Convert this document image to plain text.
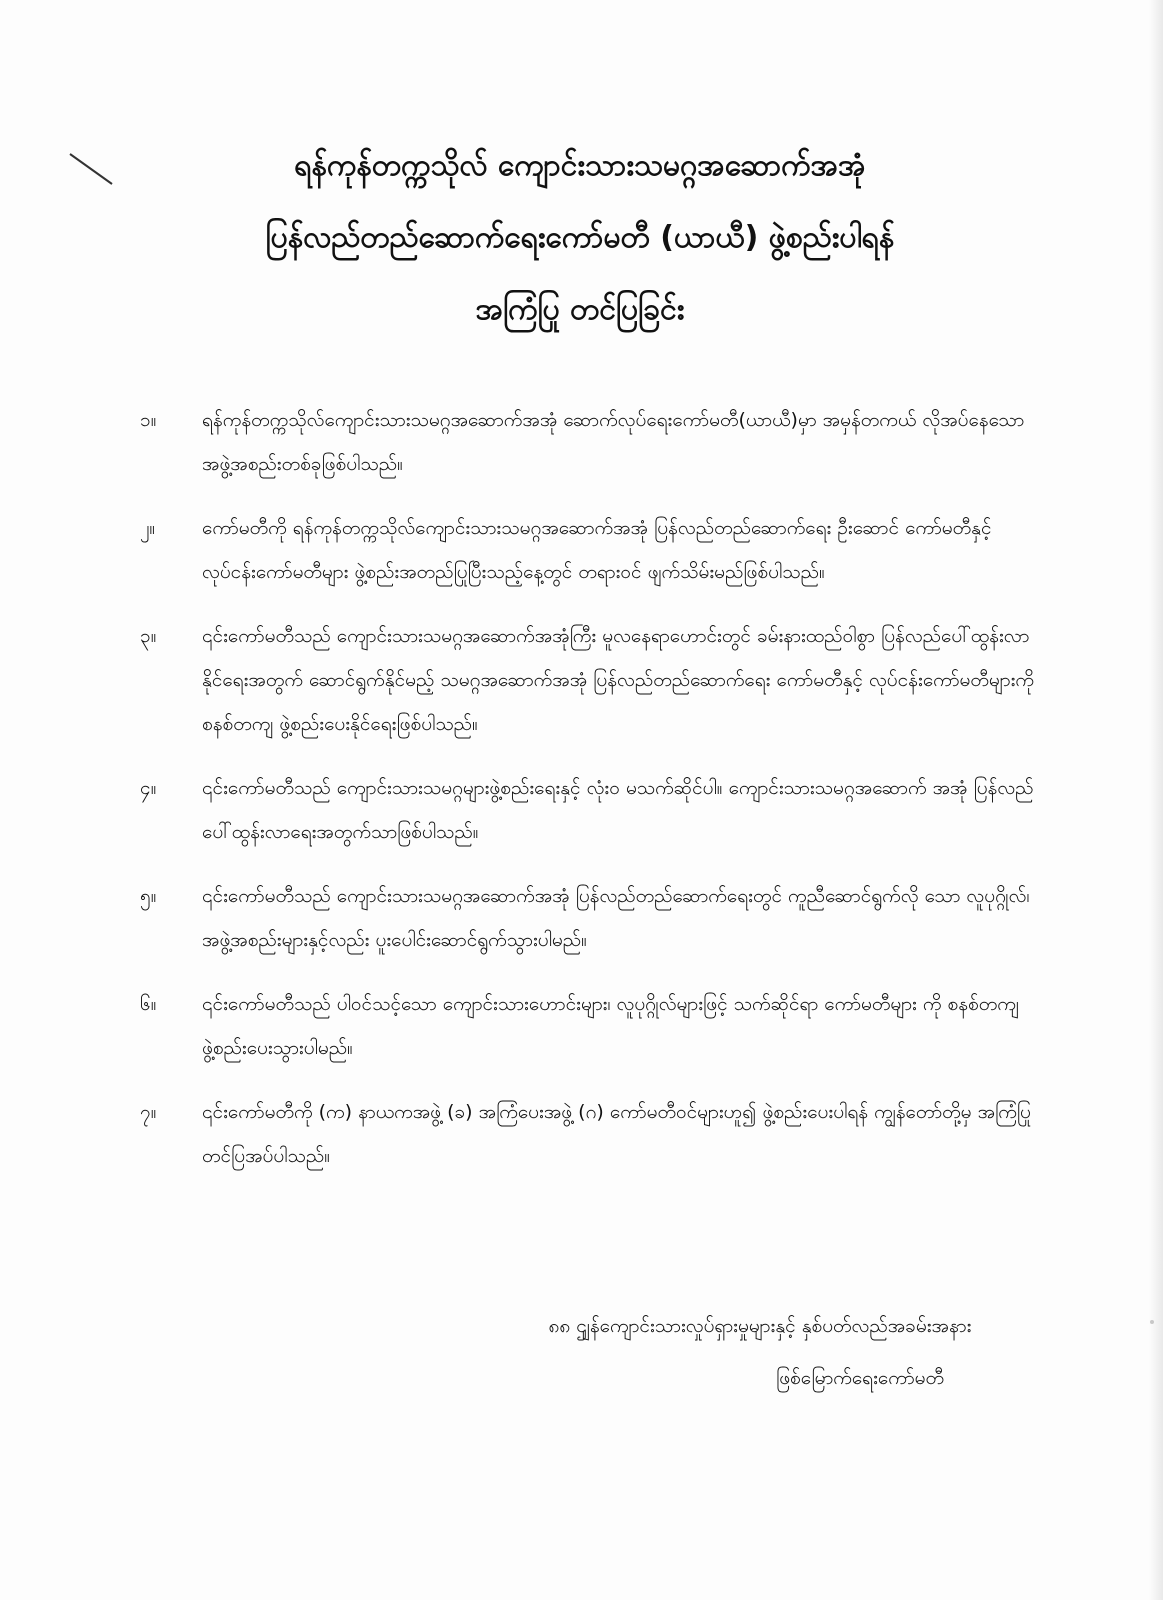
ရန်ကုန်တက္ကသိုလ် ကျောင်းသားသမဂ္ဂအဆောက်အအုံ
ပြန်လည်တည်ဆောက်ရေးကော်မတီ (ယာယီ) ဖွဲ့စည်းပါရန်
အကြံပြု တင်ပြခြင်း
၁။	ရန်ကုန်တက္ကသိုလ်ကျောင်းသားသမဂ္ဂအဆောက်အအုံ ဆောက်လုပ်ရေးကော်မတီ(ယာယီ)မှာ အမှန်တကယ် လိုအပ်နေသော အဖွဲ့အစည်းတစ်ခုဖြစ်ပါသည်။
၂။	ကော်မတီကို ရန်ကုန်တက္ကသိုလ်ကျောင်းသားသမဂ္ဂအဆောက်အအုံ ပြန်လည်တည်ဆောက်ရေး ဦးဆောင် ကော်မတီနှင့် လုပ်ငန်းကော်မတီများ ဖွဲ့စည်းအတည်ပြုပြီးသည့်နေ့တွင် တရားဝင် ဖျက်သိမ်းမည်ဖြစ်ပါသည်။
၃။	၎င်းကော်မတီသည် ကျောင်းသားသမဂ္ဂအဆောက်အအုံကြီး မူလနေရာဟောင်းတွင် ခမ်းနားထည်ဝါစွာ ပြန်လည်ပေါ်ထွန်းလာနိုင်ရေးအတွက် ဆောင်ရွက်နိုင်မည့် သမဂ္ဂအဆောက်အအုံ ပြန်လည်တည်ဆောက်ရေး ကော်မတီနှင့် လုပ်ငန်းကော်မတီများကို စနစ်တကျ ဖွဲ့စည်းပေးနိုင်ရေးဖြစ်ပါသည်။
၄။	၎င်းကော်မတီသည် ကျောင်းသားသမဂ္ဂများဖွဲ့စည်းရေးနှင့် လုံးဝ မသက်ဆိုင်ပါ။ ကျောင်းသားသမဂ္ဂအဆောက် အအုံ ပြန်လည်ပေါ်ထွန်းလာရေးအတွက်သာဖြစ်ပါသည်။
၅။	၎င်းကော်မတီသည် ကျောင်းသားသမဂ္ဂအဆောက်အအုံ ပြန်လည်တည်ဆောက်ရေးတွင် ကူညီဆောင်ရွက်လို သော လူပုဂ္ဂိုလ်၊ အဖွဲ့အစည်းများနှင့်လည်း ပူးပေါင်းဆောင်ရွက်သွားပါမည်။
၆။	၎င်းကော်မတီသည် ပါဝင်သင့်သော ကျောင်းသားဟောင်းများ၊ လူပုဂ္ဂိုလ်များဖြင့် သက်ဆိုင်ရာ ကော်မတီများ ကို စနစ်တကျ ဖွဲ့စည်းပေးသွားပါမည်။
၇။	၎င်းကော်မတီကို (က) နာယကအဖွဲ့ (ခ) အကြံပေးအဖွဲ့ (ဂ) ကော်မတီဝင်များဟူ၍ ဖွဲ့စည်းပေးပါရန် ကျွန်တော်တို့မှ အကြံပြု တင်ပြအပ်ပါသည်။
၈၈ ဌျန်ကျောင်းသားလှုပ်ရှားမှုများနှင့် နှစ်ပတ်လည်အခမ်းအနား
ဖြစ်မြောက်ရေးကော်မတီ
